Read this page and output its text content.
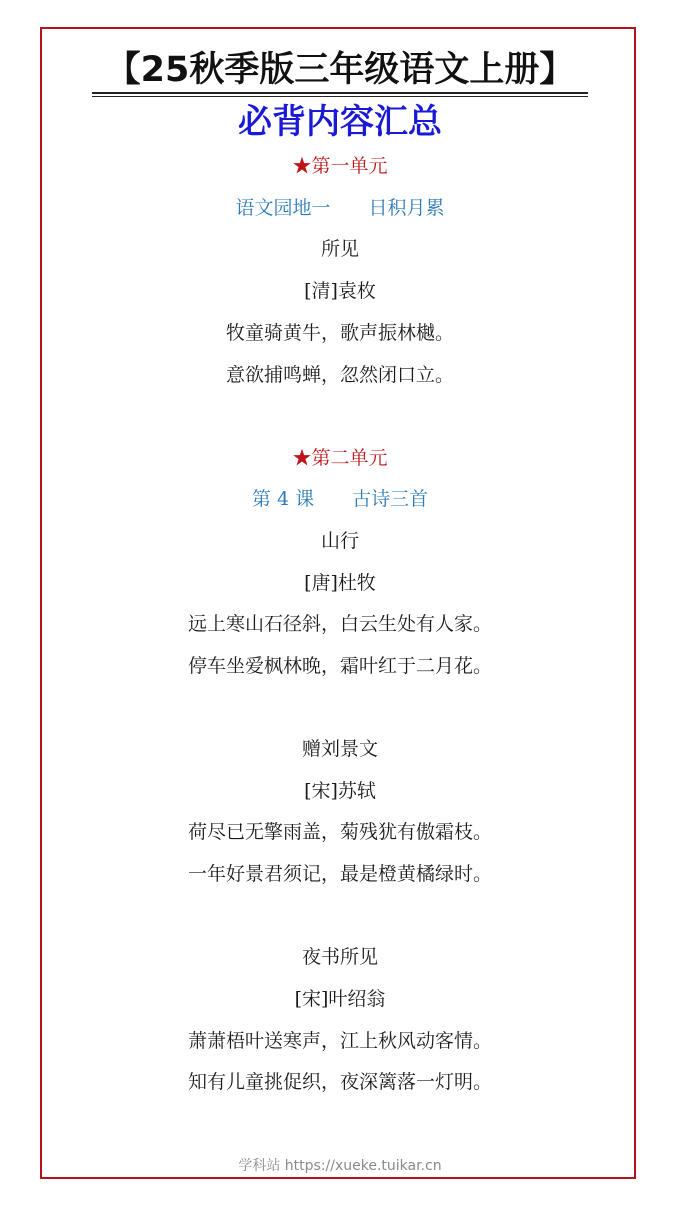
【25秋季版三年级语文上册】
必背内容汇总
★第一单元
语文园地一　　日积月累
所见
[清]袁枚
牧童骑黄牛，歌声振林樾。
意欲捕鸣蝉，忽然闭口立。
★第二单元
第 4 课　　古诗三首
山行
[唐]杜牧
远上寒山石径斜，白云生处有人家。
停车坐爱枫林晚，霜叶红于二月花。
赠刘景文
[宋]苏轼
荷尽已无擎雨盖，菊残犹有傲霜枝。
一年好景君须记，最是橙黄橘绿时。
夜书所见
[宋]叶绍翁
萧萧梧叶送寒声，江上秋风动客情。
知有儿童挑促织，夜深篱落一灯明。
学科站 https://xueke.tuikar.cn
